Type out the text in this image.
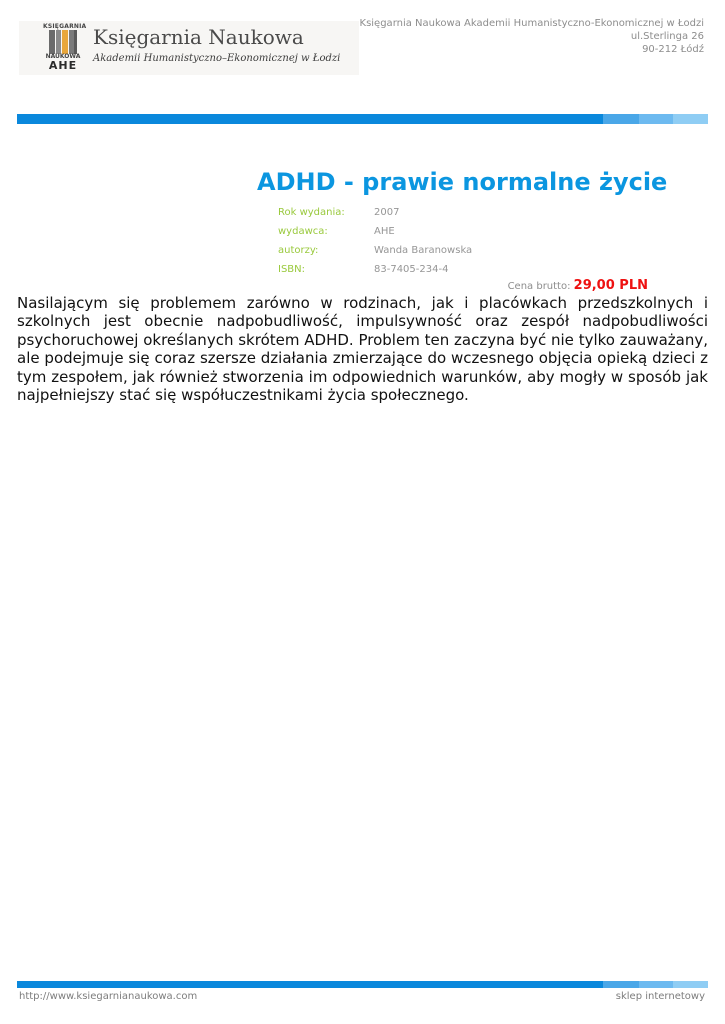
KSIĘGARNIA
NAUKOWA
AHE
Księgarnia Naukowa
Akademii Humanistyczno–Ekonomicznej w Łodzi
Księgarnia Naukowa Akademii Humanistyczno-Ekonomicznej w Łodzi
ul.Sterlinga 26
90-212 Łódź
ADHD - prawie normalne życie
Rok wydania:	2007
wydawca:	AHE
autorzy:	Wanda Baranowska
ISBN:	83-7405-234-4
Cena brutto: 29,00 PLN
Nasilającym się problemem zarówno w rodzinach, jak i placówkach przedszkolnych i szkolnych jest obecnie nadpobudliwość, impulsywność oraz zespół nadpobudliwości psychoruchowej określanych skrótem ADHD. Problem ten zaczyna być nie tylko zauważany, ale podejmuje się coraz szersze działania zmierzające do wczesnego objęcia opieką dzieci z tym zespołem, jak również stworzenia im odpowiednich warunków, aby mogły w sposób jak najpełniejszy stać się współuczestnikami życia społecznego.
http://www.ksiegarnianaukowa.com	sklep internetowy
